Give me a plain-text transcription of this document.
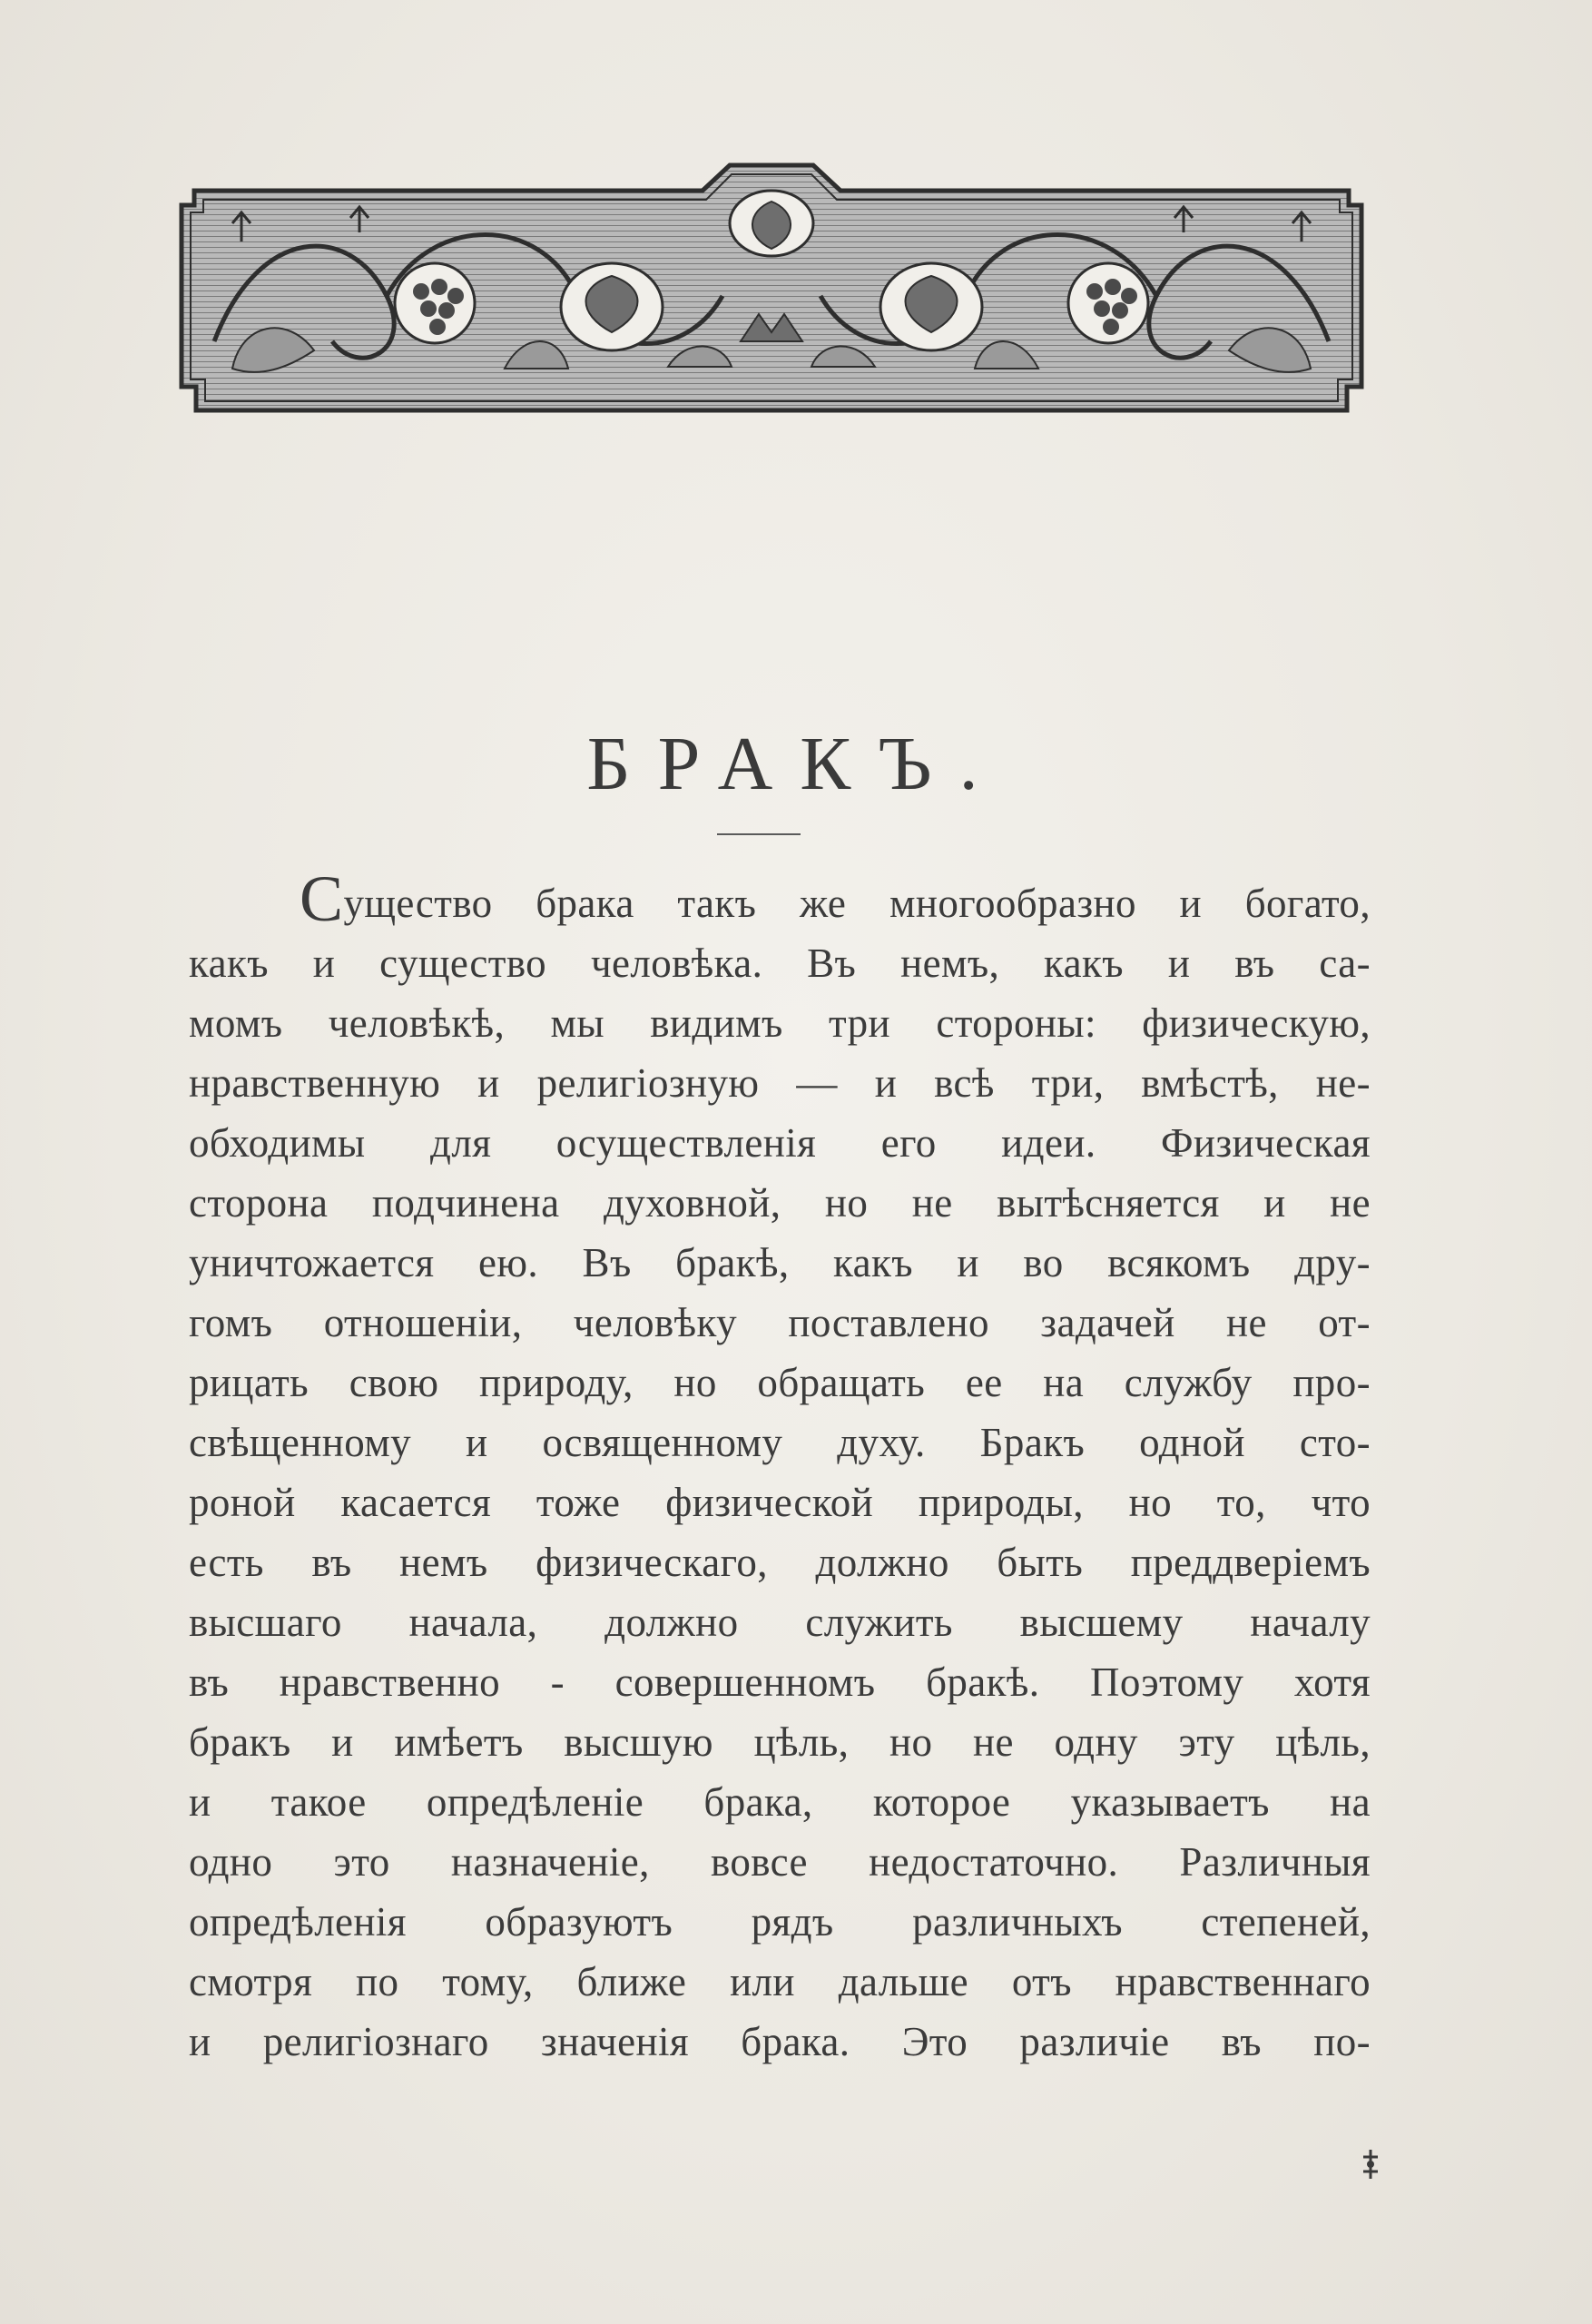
БРАКЪ.
Существо брака такъ же многообразно и богато,
какъ и существо человѣка. Въ немъ, какъ и въ са-
момъ человѣкѣ, мы видимъ три стороны: физическую,
нравственную и религіозную — и всѣ три, вмѣстѣ, не-
обходимы для осуществленія его идеи. Физическая
сторона подчинена духовной, но не вытѣсняется и не
уничтожается ею. Въ бракѣ, какъ и во всякомъ дру-
гомъ отношеніи, человѣку поставлено задачей не от-
рицать свою природу, но обращать ее на службу про-
свѣщенному и освященному духу. Бракъ одной сто-
роной касается тоже физической природы, но то, что
есть въ немъ физическаго, должно быть преддверіемъ
высшаго начала, должно служить высшему началу
въ нравственно - совершенномъ бракѣ. Поэтому хотя
бракъ и имѣетъ высшую цѣль, но не одну эту цѣль,
и такое опредѣленіе брака, которое указываетъ на
одно это назначеніе, вовсе недостаточно. Различныя
опредѣленія образуютъ рядъ различныхъ степеней,
смотря по тому, ближе или дальше отъ нравственнаго
и религіознаго значенія брака. Это различіе въ по-
